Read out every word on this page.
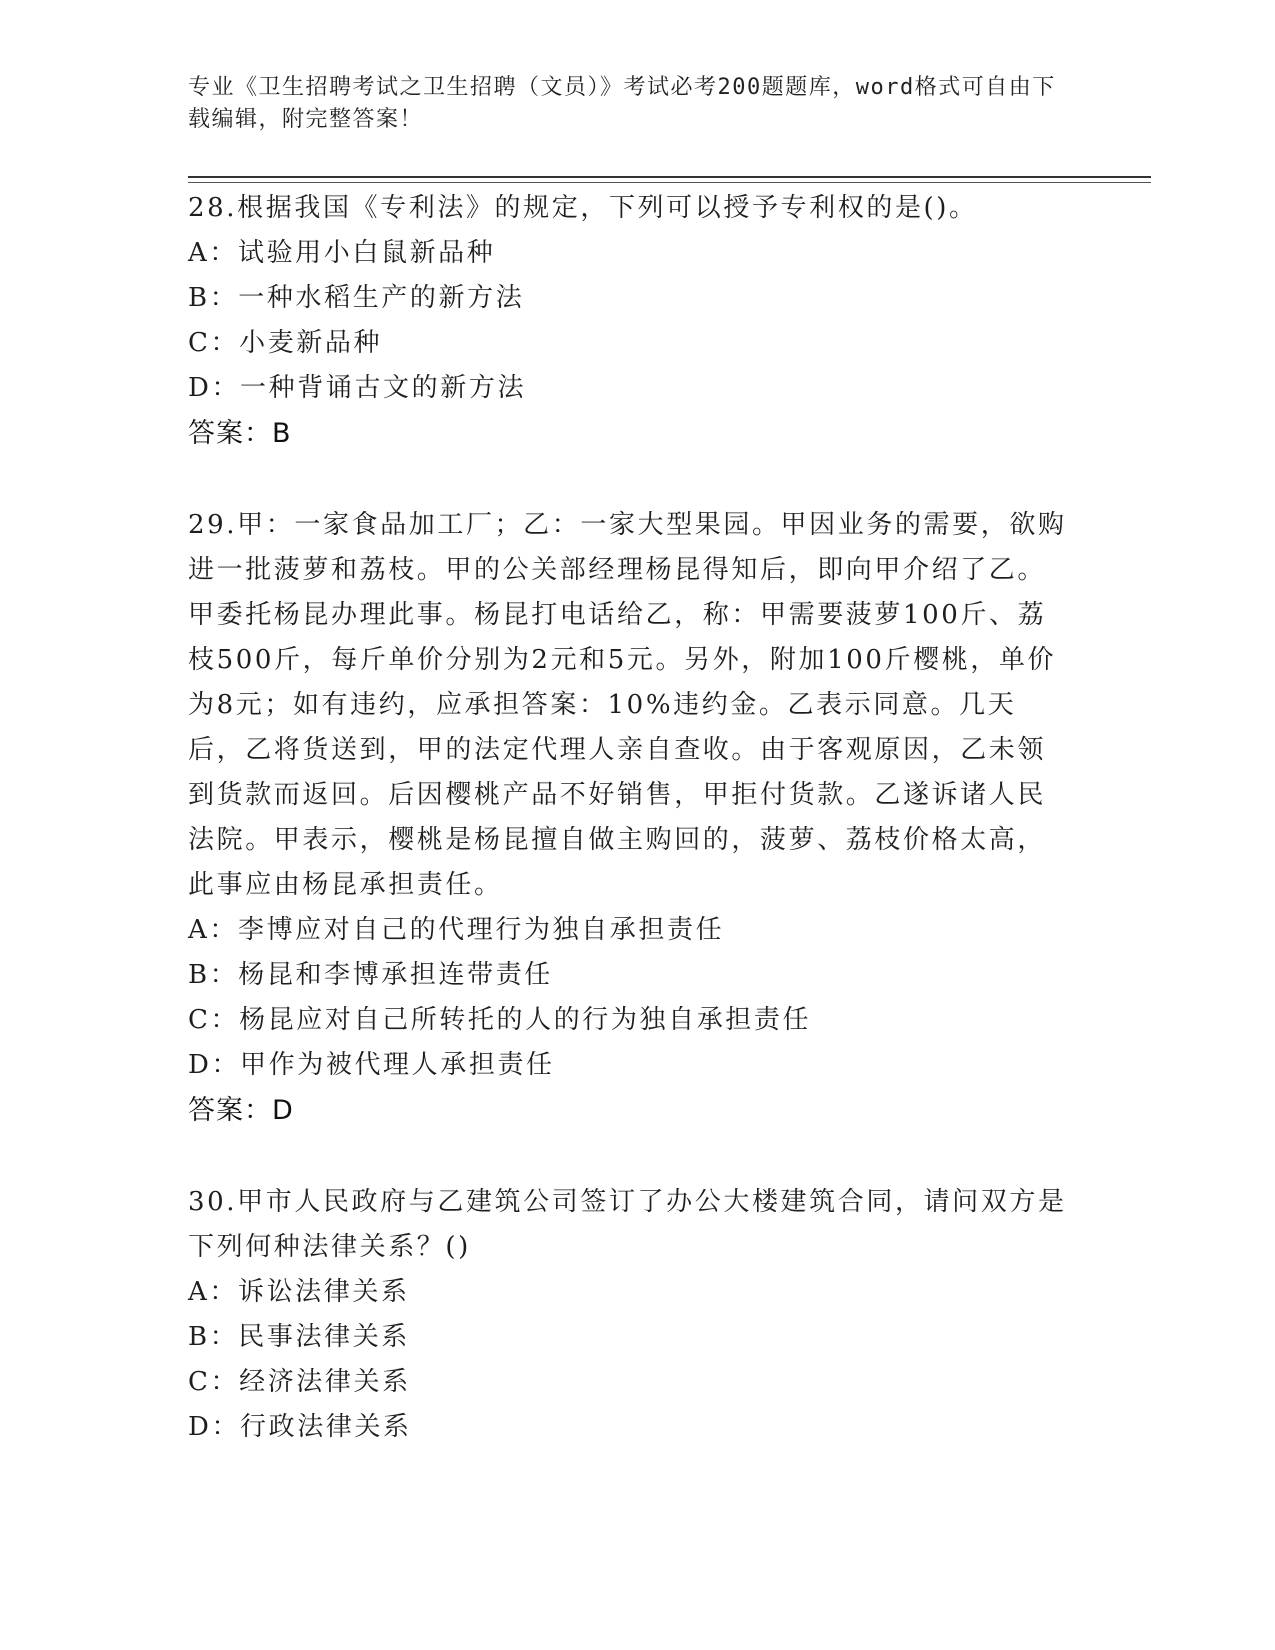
专业《卫生招聘考试之卫生招聘（文员）》考试必考200题题库，word格式可自由下载编辑，附完整答案！

28.根据我国《专利法》的规定，下列可以授予专利权的是()。

A：试验用小白鼠新品种

B：一种水稻生产的新方法

C：小麦新品种

D：一种背诵古文的新方法

答案：B

29.甲：一家食品加工厂；乙：一家大型果园。甲因业务的需要，欲购进一批菠萝和荔枝。甲的公关部经理杨昆得知后，即向甲介绍了乙。甲委托杨昆办理此事。杨昆打电话给乙，称：甲需要菠萝100斤、荔枝500斤，每斤单价分别为2元和5元。另外，附加100斤樱桃，单价为8元；如有违约，应承担答案：10%违约金。乙表示同意。几天后，乙将货送到，甲的法定代理人亲自查收。由于客观原因，乙未领到货款而返回。后因樱桃产品不好销售，甲拒付货款。乙遂诉诸人民法院。甲表示，樱桃是杨昆擅自做主购回的，菠萝、荔枝价格太高，此事应由杨昆承担责任。

A：李博应对自己的代理行为独自承担责任

B：杨昆和李博承担连带责任

C：杨昆应对自己所转托的人的行为独自承担责任

D：甲作为被代理人承担责任

答案：D

30.甲市人民政府与乙建筑公司签订了办公大楼建筑合同，请问双方是下列何种法律关系？()

A：诉讼法律关系

B：民事法律关系

C：经济法律关系

D：行政法律关系
